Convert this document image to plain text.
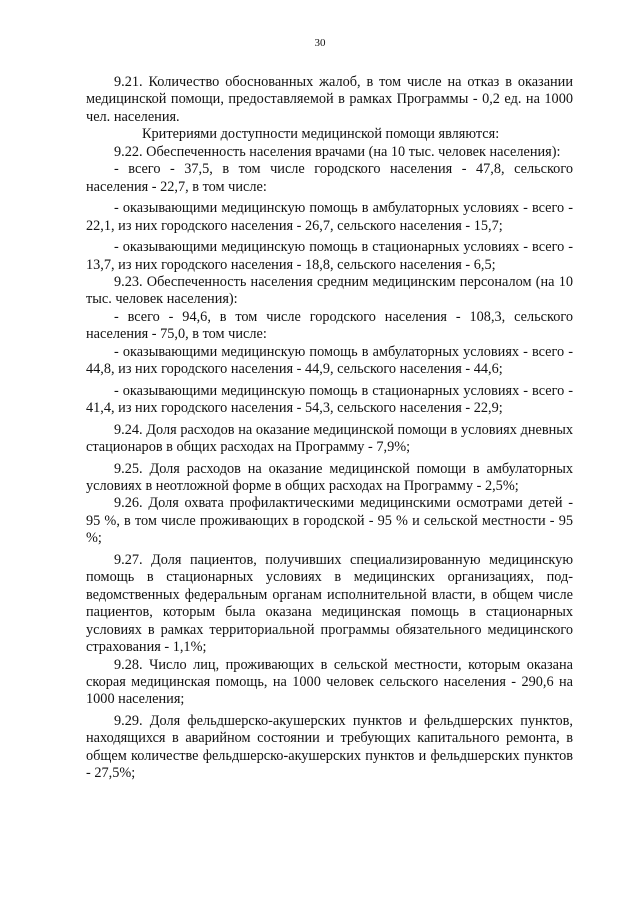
30

9.21. Количество обоснованных жалоб, в том числе на отказ в оказании медицинской помощи, предоставляемой в рамках Программы - 0,2 ед. на 1000 чел. населения.

Критериями доступности медицинской помощи являются:

9.22. Обеспеченность населения врачами (на 10 тыс. человек населения):

- всего - 37,5, в том числе городского населения - 47,8, сельского населения - 22,7, в том числе:

- оказывающими медицинскую помощь в амбулаторных условиях - всего - 22,1, из них городского населения - 26,7, сельского населения - 15,7;

- оказывающими медицинскую помощь в стационарных условиях - всего - 13,7, из них городского населения - 18,8, сельского населения - 6,5;

9.23. Обеспеченность населения средним медицинским персоналом (на 10 тыс. человек населения):

- всего - 94,6, в том числе городского населения - 108,3, сельского населения - 75,0, в том числе:

- оказывающими медицинскую помощь в амбулаторных условиях - всего - 44,8, из них городского населения - 44,9, сельского населения - 44,6;

- оказывающими медицинскую помощь в стационарных условиях - всего - 41,4, из них городского населения - 54,3, сельского населения - 22,9;

9.24. Доля расходов на оказание медицинской помощи в условиях дневных стационаров в общих расходах на Программу - 7,9%;

9.25. Доля расходов на оказание медицинской помощи в амбулаторных условиях в неотложной форме в общих расходах на Программу - 2,5%;

9.26. Доля охвата профилактическими медицинскими осмотрами детей - 95 %, в том числе проживающих в городской - 95 % и сельской местности - 95 %;

9.27. Доля пациентов, получивших специализированную медицинскую помощь в стационарных условиях в медицинских организациях, подведомственных федеральным органам исполнительной власти, в общем числе пациентов, которым была оказана медицинская помощь в стационарных условиях в рамках территориальной программы обязательного медицинского страхования - 1,1%;

9.28. Число лиц, проживающих в сельской местности, которым оказана скорая медицинская помощь, на 1000 человек сельского населения - 290,6 на 1000 населения;

9.29. Доля фельдшерско-акушерских пунктов и фельдшерских пунктов, находящихся в аварийном состоянии и требующих капитального ремонта, в общем количестве фельдшерско-акушерских пунктов и фельдшерских пунктов - 27,5%;
